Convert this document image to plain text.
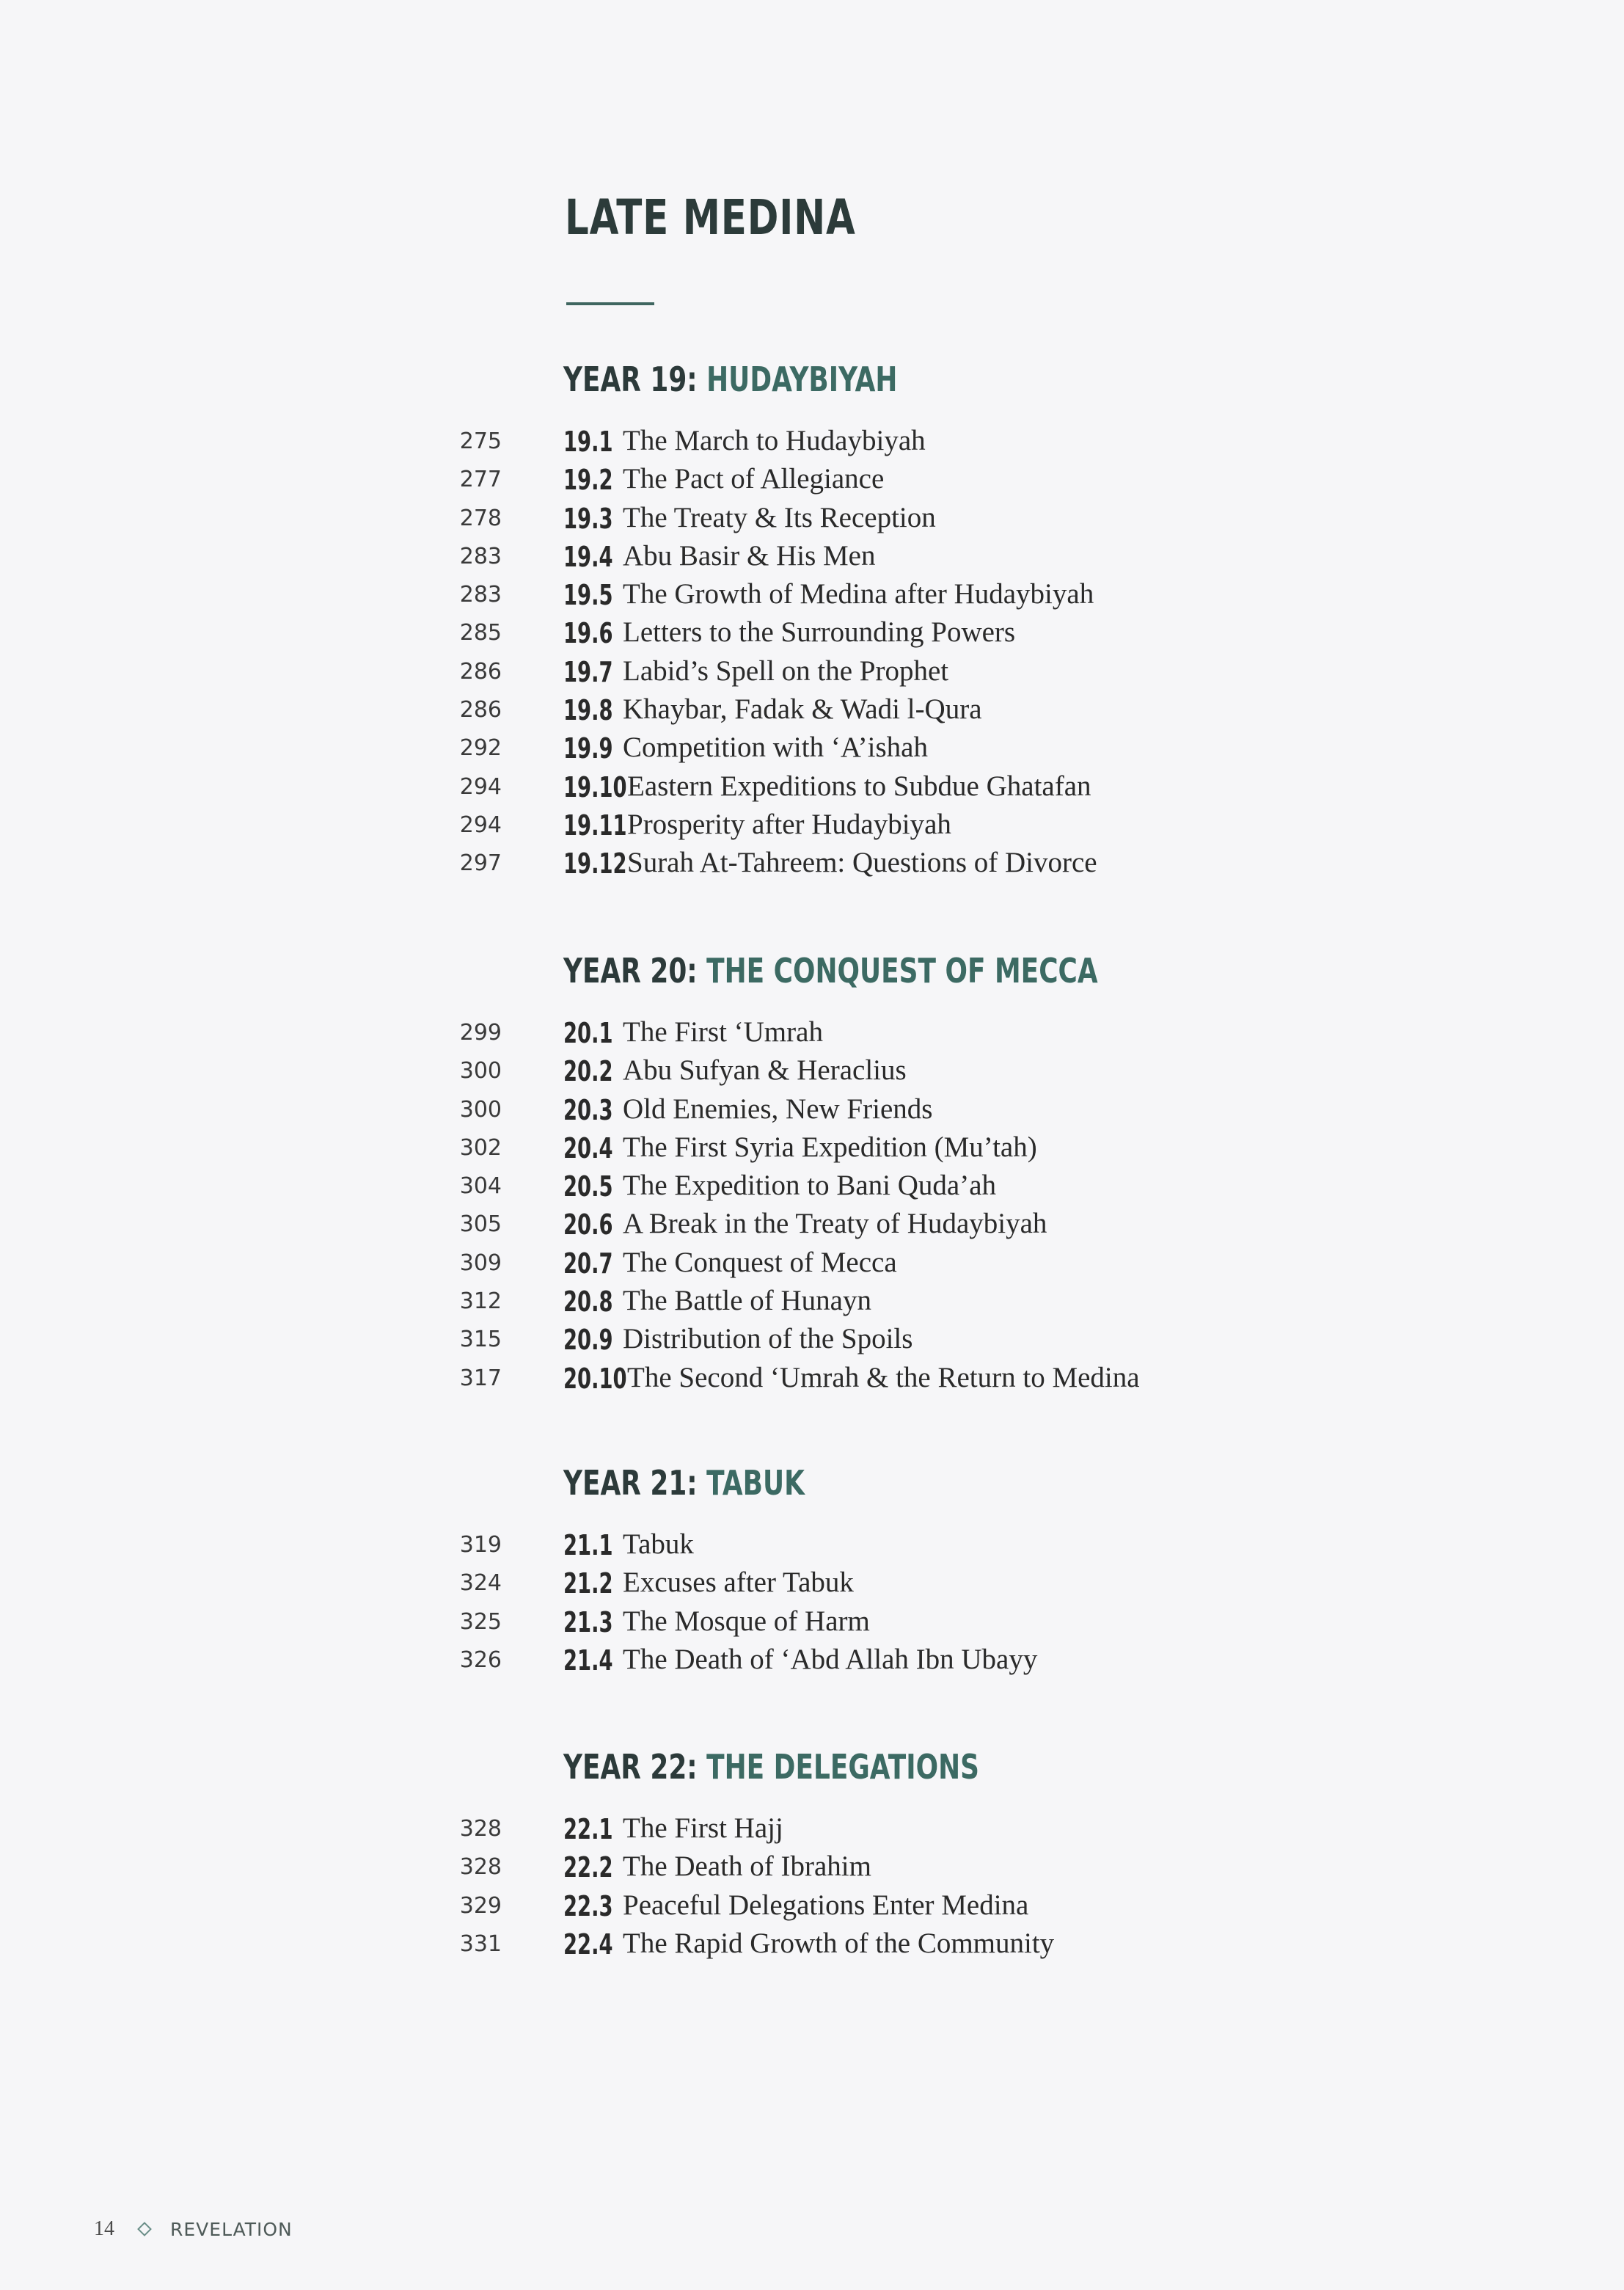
LATE MEDINA
YEAR 19: HUDAYBIYAH
275 19.1 The March to Hudaybiyah
277 19.2 The Pact of Allegiance
278 19.3 The Treaty & Its Reception
283 19.4 Abu Basir & His Men
283 19.5 The Growth of Medina after Hudaybiyah
285 19.6 Letters to the Surrounding Powers
286 19.7 Labid’s Spell on the Prophet
286 19.8 Khaybar, Fadak & Wadi l-Qura
292 19.9 Competition with ‘A’ishah
294 19.10 Eastern Expeditions to Subdue Ghatafan
294 19.11 Prosperity after Hudaybiyah
297 19.12 Surah At-Tahreem: Questions of Divorce
YEAR 20: THE CONQUEST OF MECCA
299 20.1 The First ‘Umrah
300 20.2 Abu Sufyan & Heraclius
300 20.3 Old Enemies, New Friends
302 20.4 The First Syria Expedition (Mu’tah)
304 20.5 The Expedition to Bani Quda’ah
305 20.6 A Break in the Treaty of Hudaybiyah
309 20.7 The Conquest of Mecca
312 20.8 The Battle of Hunayn
315 20.9 Distribution of the Spoils
317 20.10 The Second ‘Umrah & the Return to Medina
YEAR 21: TABUK
319 21.1 Tabuk
324 21.2 Excuses after Tabuk
325 21.3 The Mosque of Harm
326 21.4 The Death of ‘Abd Allah Ibn Ubayy
YEAR 22: THE DELEGATIONS
328 22.1 The First Hajj
328 22.2 The Death of Ibrahim
329 22.3 Peaceful Delegations Enter Medina
331 22.4 The Rapid Growth of the Community
14	REVELATION
